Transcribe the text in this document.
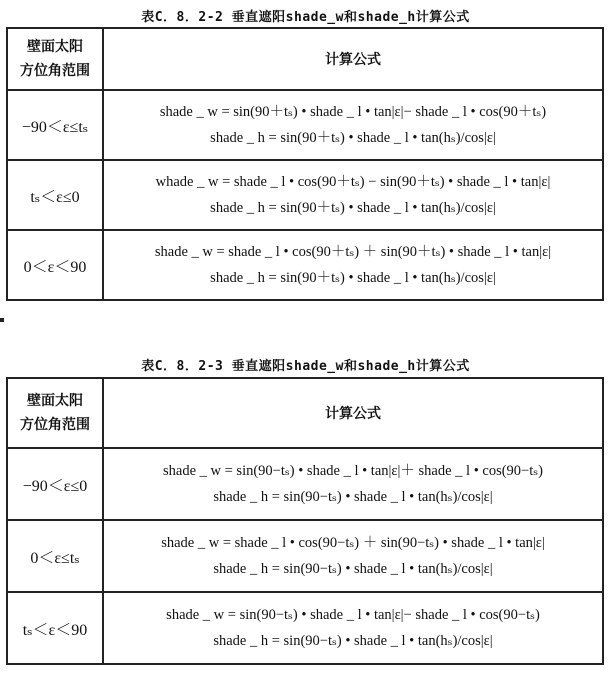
表C．8．2-2 垂直遮阳shade_w和shade_h计算公式
壁面太阳
方位角范围	计算公式
−90＜ε≤tₛ	shade _ w = sin(90＋tₛ) • shade _ l • tan|ε|− shade _ l • cos(90＋tₛ)
shade _ h = sin(90＋tₛ) • shade _ l • tan(hₛ)/cos|ε|

tₛ＜ε≤0	whade _ w = shade _ l • cos(90＋tₛ) − sin(90＋tₛ) • shade _ l • tan|ε|
shade _ h = sin(90＋tₛ) • shade _ l • tan(hₛ)/cos|ε|

0＜ε＜90	shade _ w = shade _ l • cos(90＋tₛ) ＋ sin(90＋tₛ) • shade _ l • tan|ε|
shade _ h = sin(90＋tₛ) • shade _ l • tan(hₛ)/cos|ε|
表C．8．2-3 垂直遮阳shade_w和shade_h计算公式
壁面太阳
方位角范围	计算公式
−90＜ε≤0	shade _ w = sin(90−tₛ) • shade _ l • tan|ε|＋ shade _ l • cos(90−tₛ)
shade _ h = sin(90−tₛ) • shade _ l • tan(hₛ)/cos|ε|

0＜ε≤tₛ	shade _ w = shade _ l • cos(90−tₛ) ＋ sin(90−tₛ) • shade _ l • tan|ε|
shade _ h = sin(90−tₛ) • shade _ l • tan(hₛ)/cos|ε|

tₛ＜ε＜90	shade _ w = sin(90−tₛ) • shade _ l • tan|ε|− shade _ l • cos(90−tₛ)
shade _ h = sin(90−tₛ) • shade _ l • tan(hₛ)/cos|ε|
